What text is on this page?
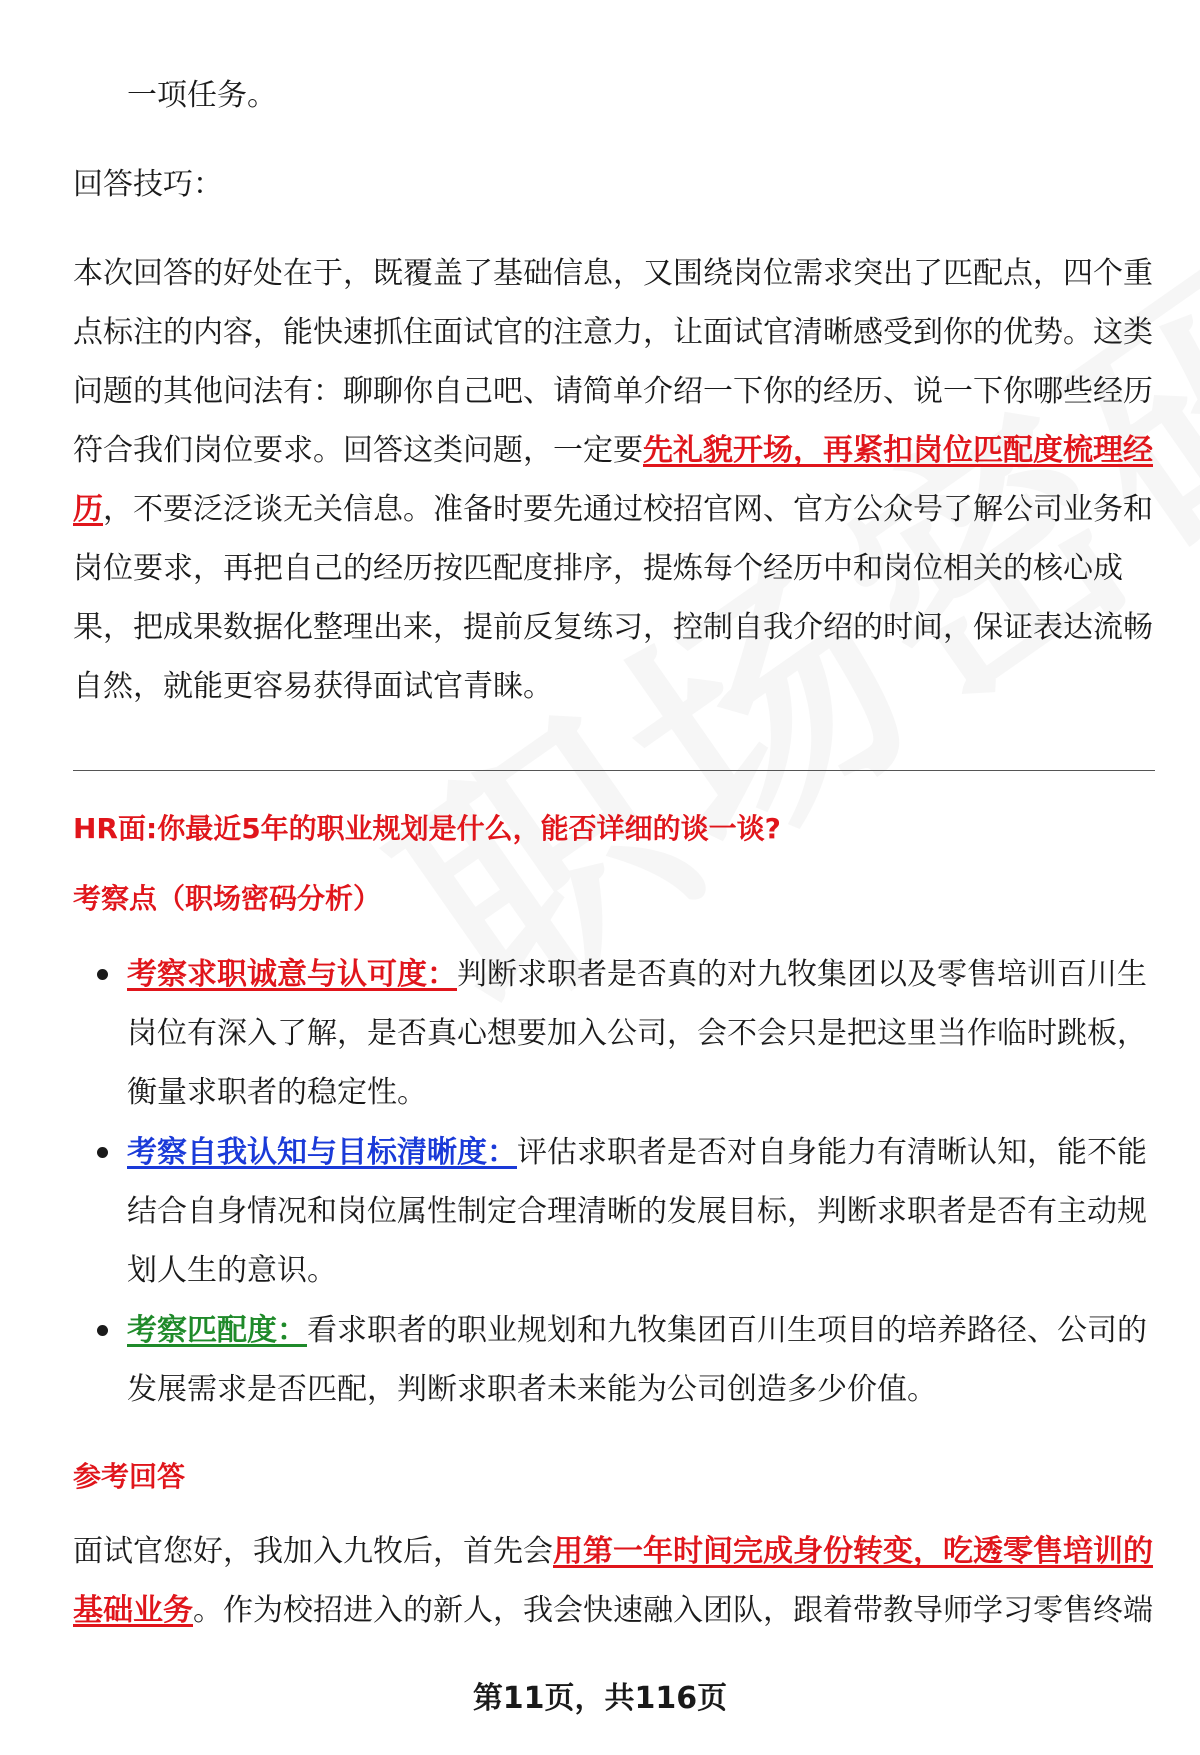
一项任务。

回答技巧：

本次回答的好处在于，既覆盖了基础信息，又围绕岗位需求突出了匹配点，四个重点标注的内容，能快速抓住面试官的注意力，让面试官清晰感受到你的优势。这类问题的其他问法有：聊聊你自己吧、请简单介绍一下你的经历、说一下你哪些经历符合我们岗位要求。回答这类问题，一定要先礼貌开场，再紧扣岗位匹配度梳理经历，不要泛泛谈无关信息。准备时要先通过校招官网、官方公众号了解公司业务和岗位要求，再把自己的经历按匹配度排序，提炼每个经历中和岗位相关的核心成果，把成果数据化整理出来，提前反复练习，控制自我介绍的时间，保证表达流畅自然，就能更容易获得面试官青睐。

HR面:你最近5年的职业规划是什么，能否详细的谈一谈?

考察点（职场密码分析）

考察求职诚意与认可度：判断求职者是否真的对九牧集团以及零售培训百川生岗位有深入了解，是否真心想要加入公司，会不会只是把这里当作临时跳板，衡量求职者的稳定性。
考察自我认知与目标清晰度：评估求职者是否对自身能力有清晰认知，能不能结合自身情况和岗位属性制定合理清晰的发展目标，判断求职者是否有主动规划人生的意识。
考察匹配度：看求职者的职业规划和九牧集团百川生项目的培养路径、公司的发展需求是否匹配，判断求职者未来能为公司创造多少价值。

参考回答

面试官您好，我加入九牧后，首先会用第一年时间完成身份转变，吃透零售培训的基础业务。作为校招进入的新人，我会快速融入团队，跟着带教导师学习零售终端

第11页，共116页
